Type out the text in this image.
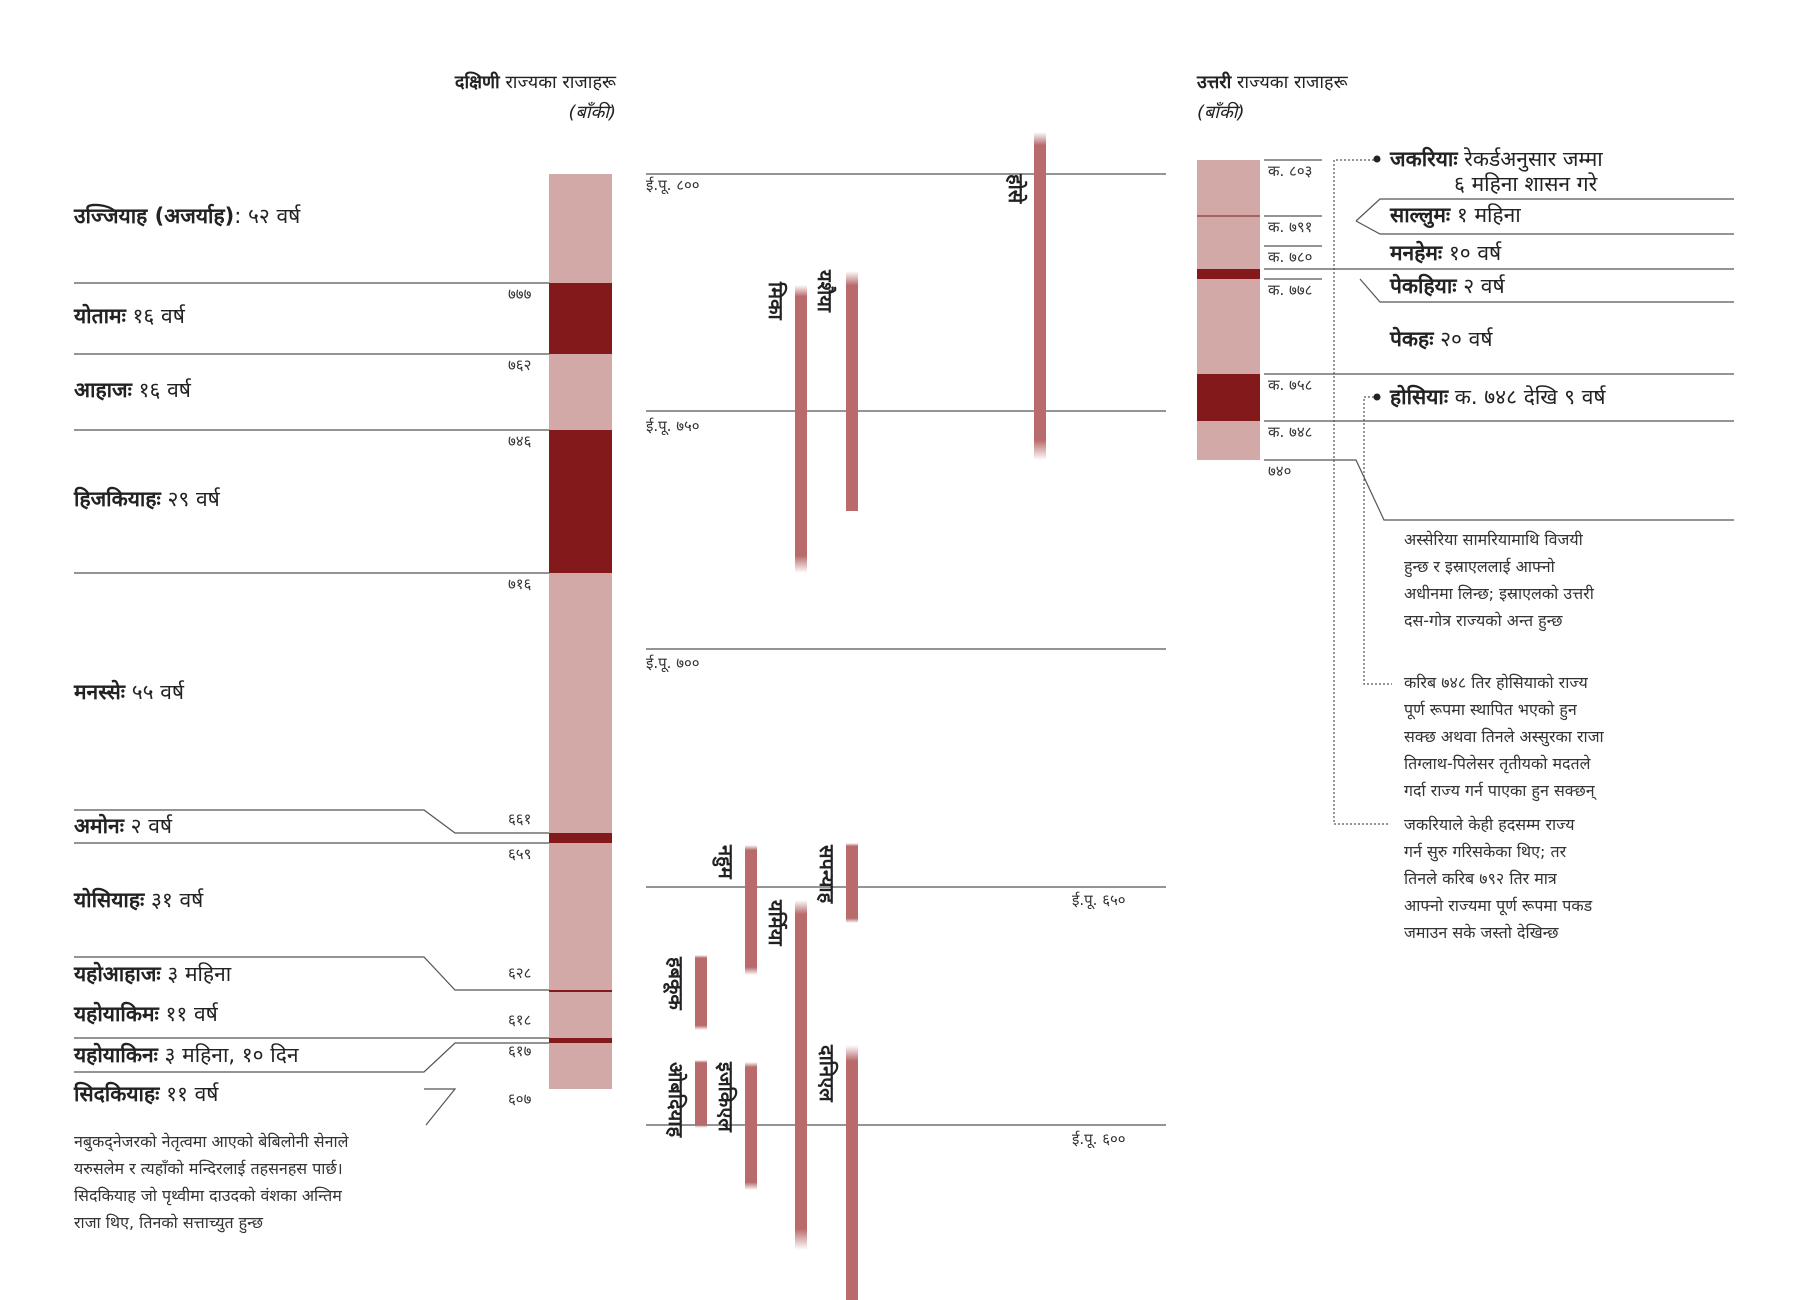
दक्षिणी राज्यका राजाहरू
(बाँकी)
उज्जियाह (अजर्याह): ५२ वर्ष
योतामः १६ वर्ष
आहाजः १६ वर्ष
हिजकियाहः २९ वर्ष
मनस्सेः ५५ वर्ष
अमोनः २ वर्ष
योसियाहः ३१ वर्ष
यहोआहाजः ३ महिना
यहोयाकिमः ११ वर्ष
यहोयाकिनः ३ महिना, १० दिन
सिदकियाहः ११ वर्ष
७७७
७६२
७४६
७१६
६६१
६५९
६२८
६१८
६१७
६०७
नबुकद्नेजरको नेतृत्वमा आएको बेबिलोनी सेनाले
यरुसलेम र त्यहाँको मन्दिरलाई तहसनहस पार्छ।
सिदकियाह जो पृथ्वीमा दाउदको वंशका अन्तिम
राजा थिए, तिनको सत्ताच्युत हुन्छ
ई.पू. ८००
ई.पू. ७५०
ई.पू. ७००
ई.पू. ६५०
ई.पू. ६००
होसे
मिका यशैया
नहुम	सपन्याह
यर्मिया
हबकूक
ओबदियाह इजकिएल	दानिएल
उत्तरी राज्यका राजाहरू
(बाँकी)
क. ८०३
क. ७९१
क. ७८०
क. ७७८
क. ७५८
क. ७४८
७४०
जकरियाः रेकर्डअनुसार जम्मा
६ महिना शासन गरे
साल्लुमः १ महिना
मनहेमः १० वर्ष
पेकहियाः २ वर्ष
पेकहः २० वर्ष
होसियाः क. ७४८ देखि ९ वर्ष
अस्सेरिया सामरियामाथि विजयी
हुन्छ र इस्राएललाई आफ्नो
अधीनमा लिन्छ; इस्राएलको उत्तरी
दस-गोत्र राज्यको अन्त हुन्छ
करिब ७४८ तिर होसियाको राज्य
पूर्ण रूपमा स्थापित भएको हुन
सक्छ अथवा तिनले अस्सुरका राजा
तिग्लाथ-पिलेसर तृतीयको मदतले
गर्दा राज्य गर्न पाएका हुन सक्छन्
जकरियाले केही हदसम्म राज्य
गर्न सुरु गरिसकेका थिए; तर
तिनले करिब ७९२ तिर मात्र
आफ्नो राज्यमा पूर्ण रूपमा पकड
जमाउन सके जस्तो देखिन्छ
